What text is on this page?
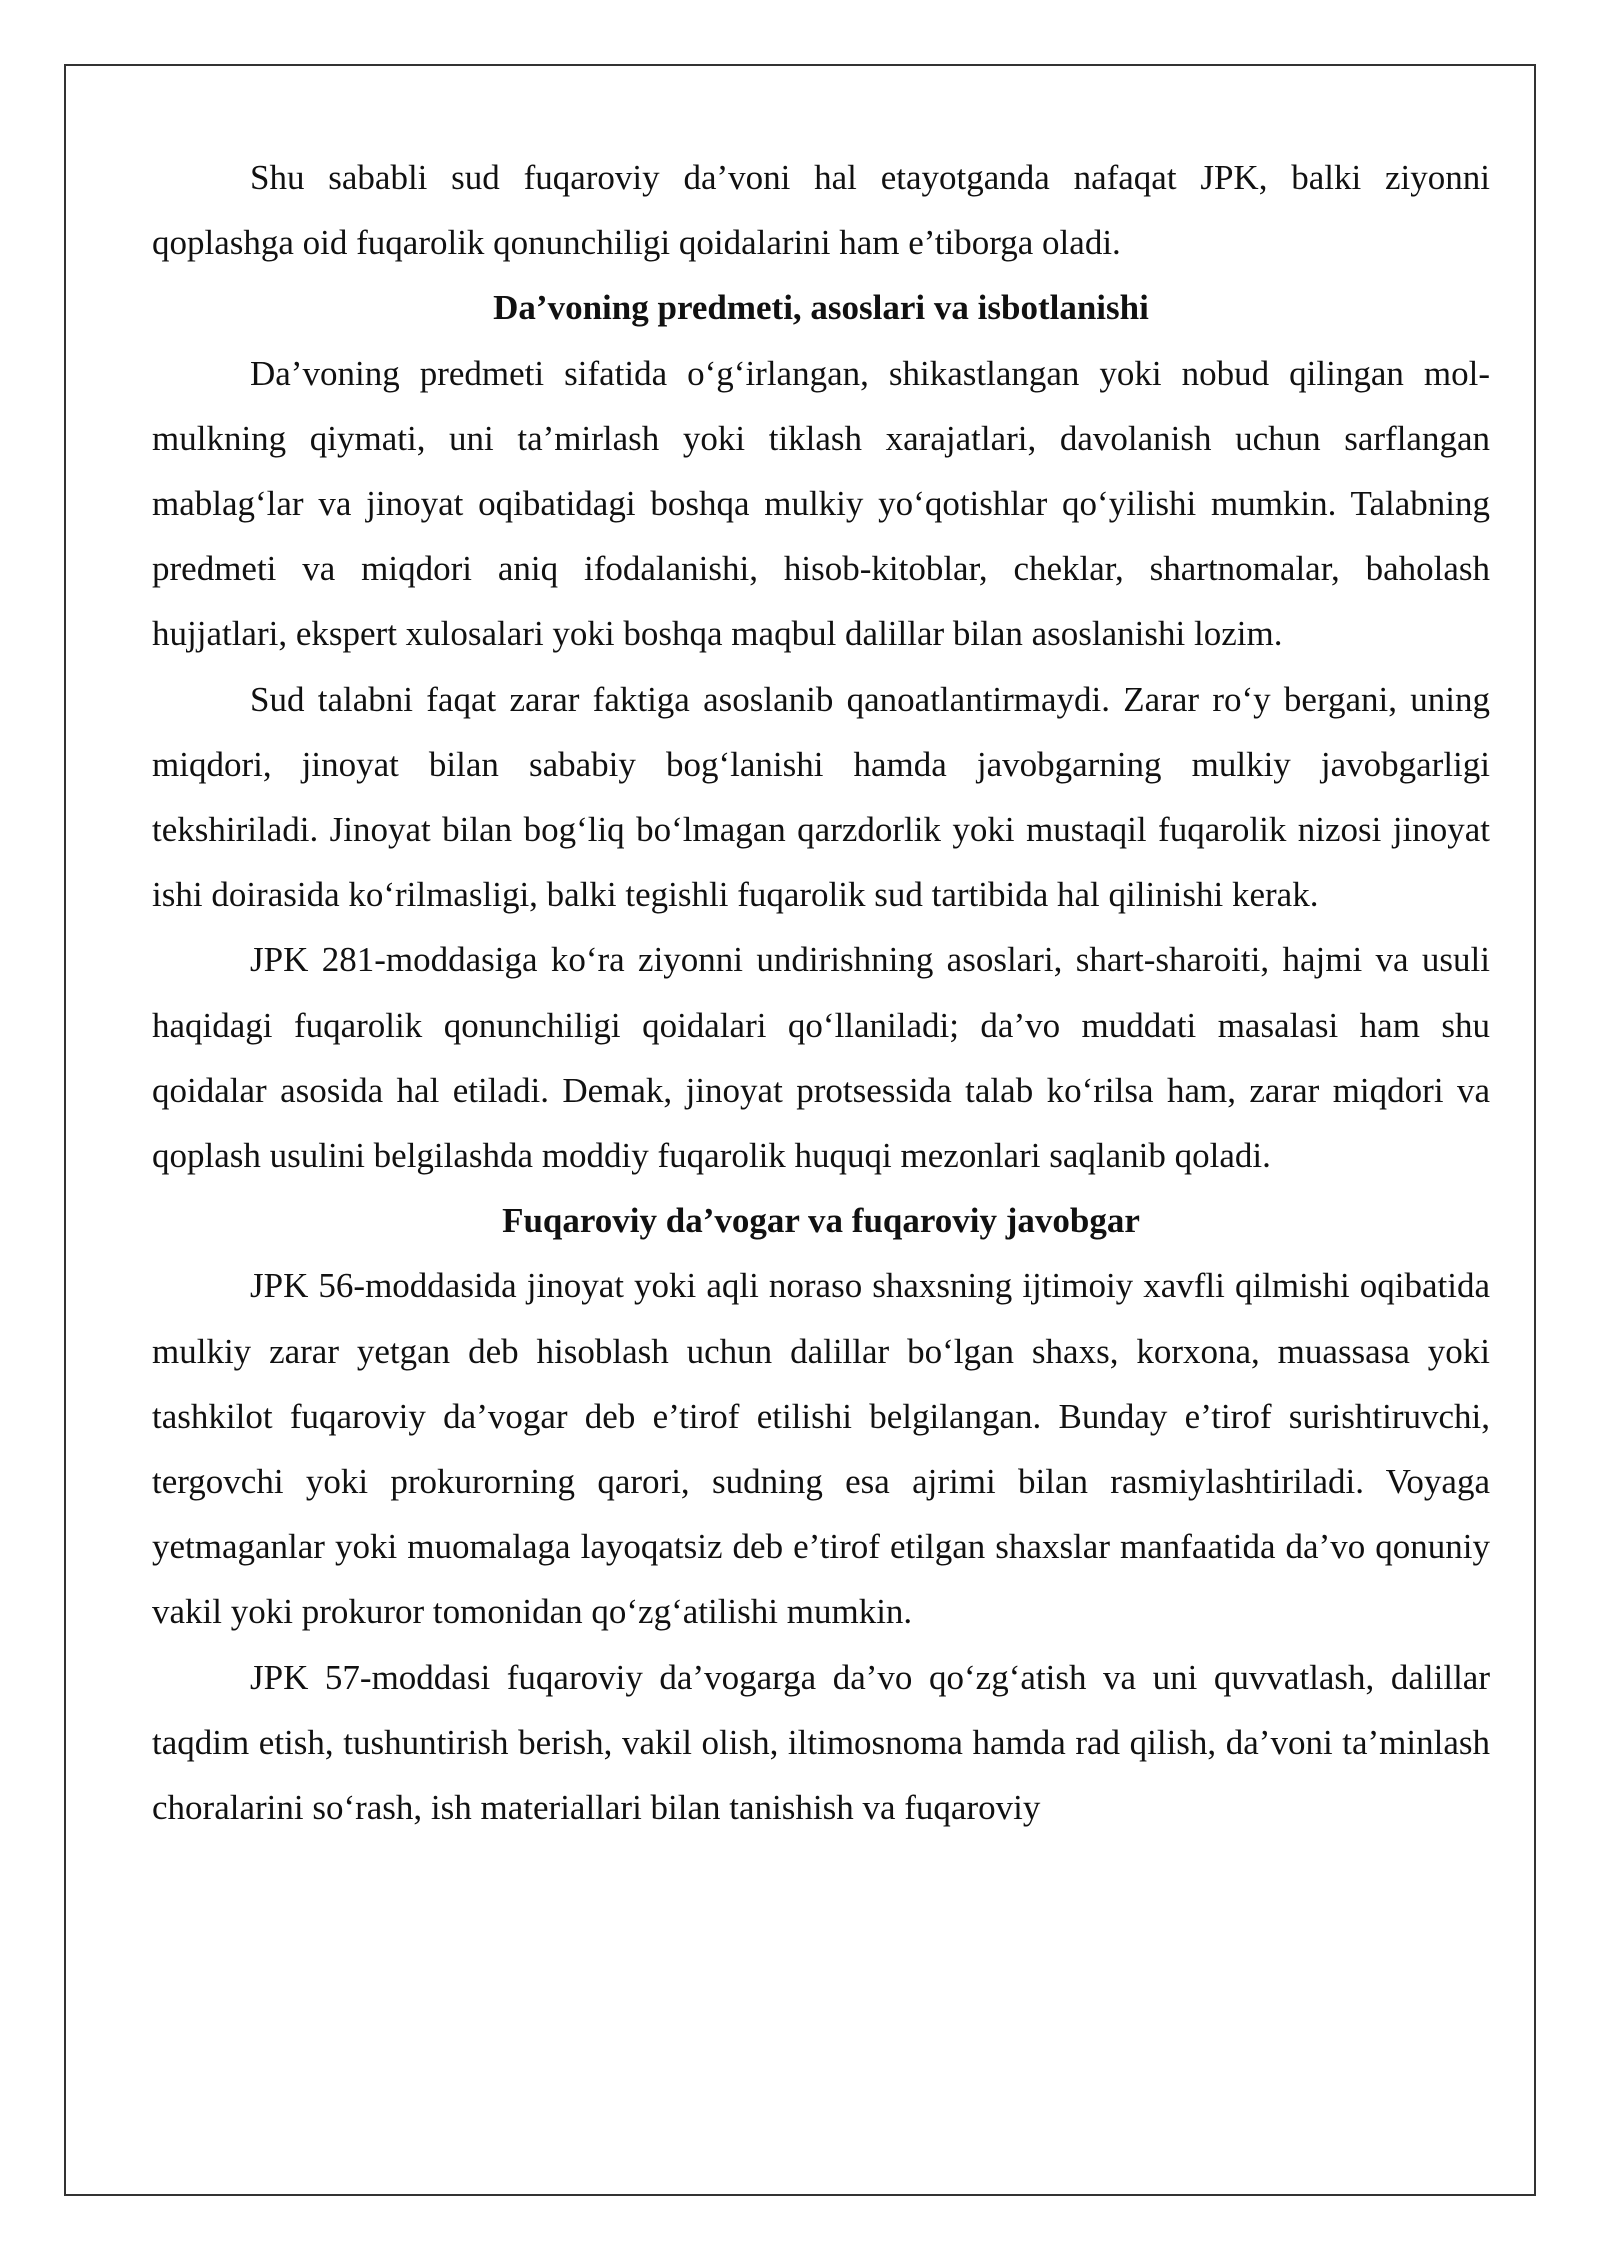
Shu sababli sud fuqaroviy da’voni hal etayotganda nafaqat JPK, balki ziyonni qoplashga oid fuqarolik qonunchiligi qoidalarini ham e’tiborga oladi.

Da’voning predmeti, asoslari va isbotlanishi

Da’voning predmeti sifatida o‘g‘irlangan, shikastlangan yoki nobud qilingan mol-mulkning qiymati, uni ta’mirlash yoki tiklash xarajatlari, davolanish uchun sarflangan mablag‘lar va jinoyat oqibatidagi boshqa mulkiy yo‘qotishlar qo‘yilishi mumkin. Talabning predmeti va miqdori aniq ifodalanishi, hisob-kitoblar, cheklar, shartnomalar, baholash hujjatlari, ekspert xulosalari yoki boshqa maqbul dalillar bilan asoslanishi lozim.

Sud talabni faqat zarar faktiga asoslanib qanoatlantirmaydi. Zarar ro‘y bergani, uning miqdori, jinoyat bilan sababiy bog‘lanishi hamda javobgarning mulkiy javobgarligi tekshiriladi. Jinoyat bilan bog‘liq bo‘lmagan qarzdorlik yoki mustaqil fuqarolik nizosi jinoyat ishi doirasida ko‘rilmasligi, balki tegishli fuqarolik sud tartibida hal qilinishi kerak.

JPK 281-moddasiga ko‘ra ziyonni undirishning asoslari, shart-sharoiti, hajmi va usuli haqidagi fuqarolik qonunchiligi qoidalari qo‘llaniladi; da’vo muddati masalasi ham shu qoidalar asosida hal etiladi. Demak, jinoyat protsessida talab ko‘rilsa ham, zarar miqdori va qoplash usulini belgilashda moddiy fuqarolik huquqi mezonlari saqlanib qoladi.

Fuqaroviy da’vogar va fuqaroviy javobgar

JPK 56-moddasida jinoyat yoki aqli noraso shaxsning ijtimoiy xavfli qilmishi oqibatida mulkiy zarar yetgan deb hisoblash uchun dalillar bo‘lgan shaxs, korxona, muassasa yoki tashkilot fuqaroviy da’vogar deb e’tirof etilishi belgilangan. Bunday e’tirof surishtiruvchi, tergovchi yoki prokurorning qarori, sudning esa ajrimi bilan rasmiylashtiriladi. Voyaga yetmaganlar yoki muomalaga layoqatsiz deb e’tirof etilgan shaxslar manfaatida da’vo qonuniy vakil yoki prokuror tomonidan qo‘zg‘atilishi mumkin.

JPK 57-moddasi fuqaroviy da’vogarga da’vo qo‘zg‘atish va uni quvvatlash, dalillar taqdim etish, tushuntirish berish, vakil olish, iltimosnoma hamda rad qilish, da’voni ta’minlash choralarini so‘rash, ish materiallari bilan tanishish va fuqaroviy
